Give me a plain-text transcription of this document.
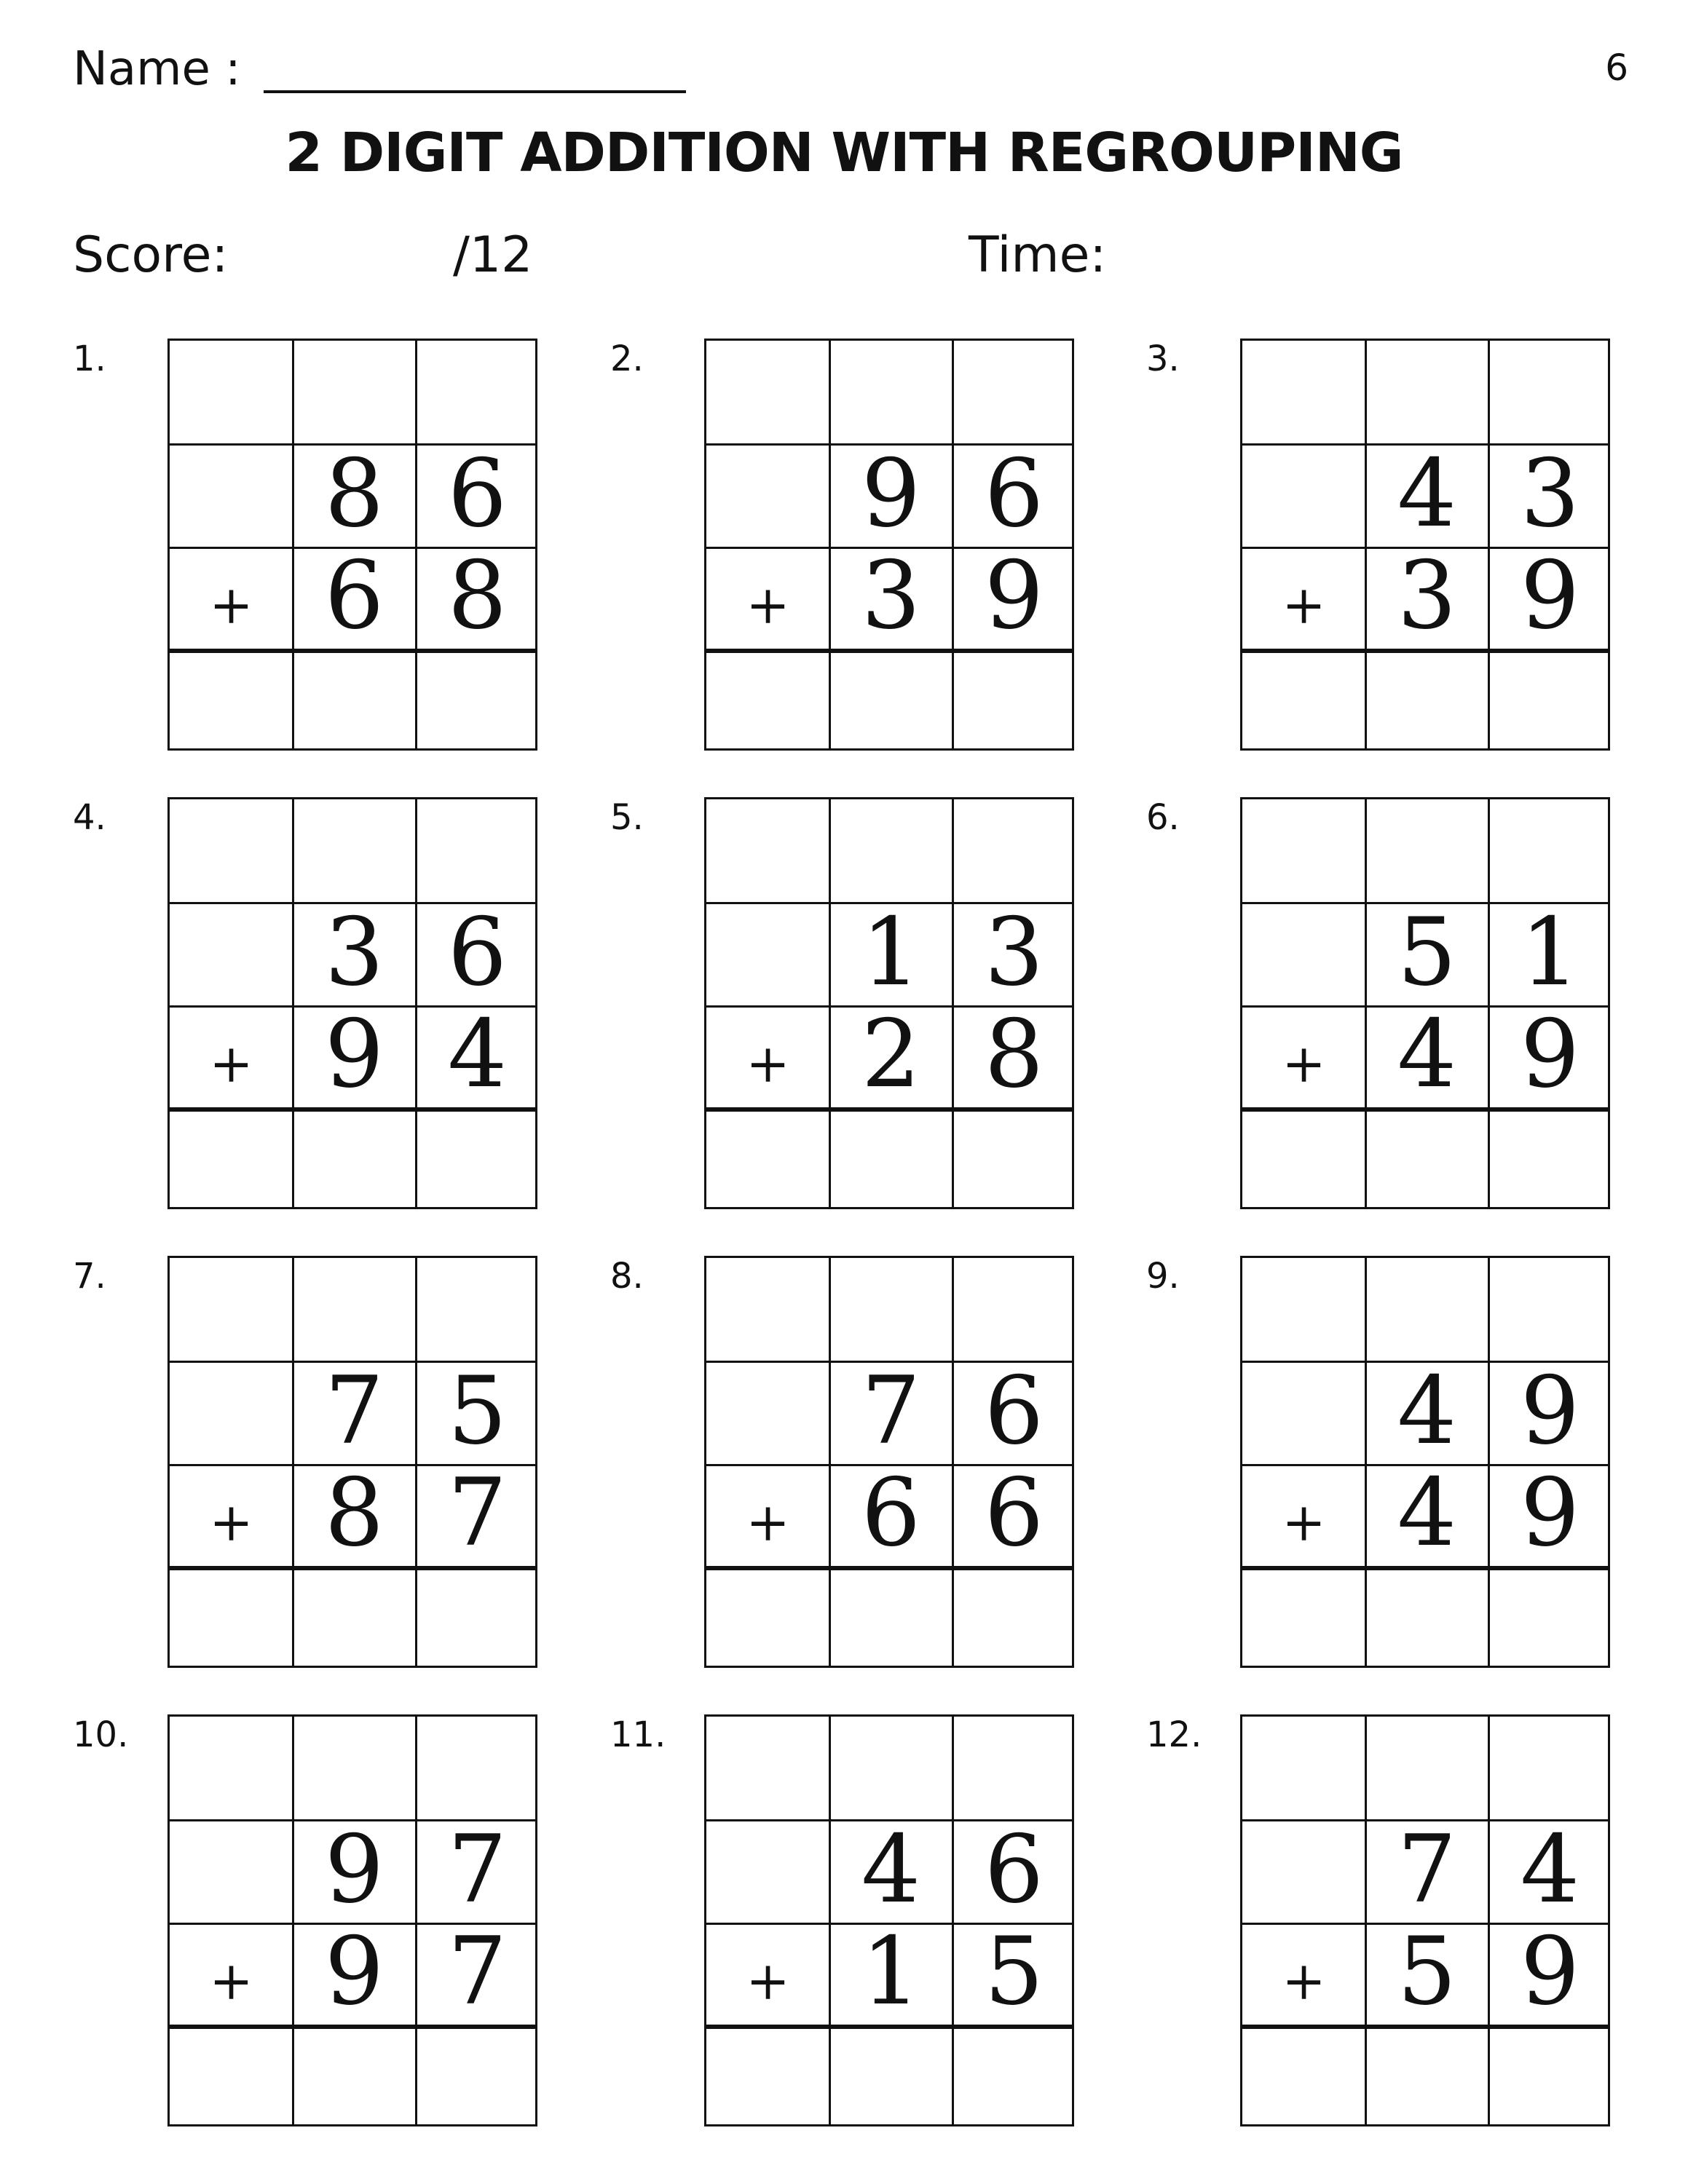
Name :	6
2 DIGIT ADDITION WITH REGROUPING
Score:	/12	Time:
1.
8 6
+ 6 8
2.
9 6
+ 3 9
3.
4 3
+ 3 9
4.
3 6
+ 9 4
5.
1 3
+ 2 8
6.
5 1
+ 4 9
7.
7 5
+ 8 7
8.
7 6
+ 6 6
9.
4 9
+ 4 9
10.
9 7
+ 9 7
11.
4 6
+ 1 5
12.
7 4
+ 5 9
